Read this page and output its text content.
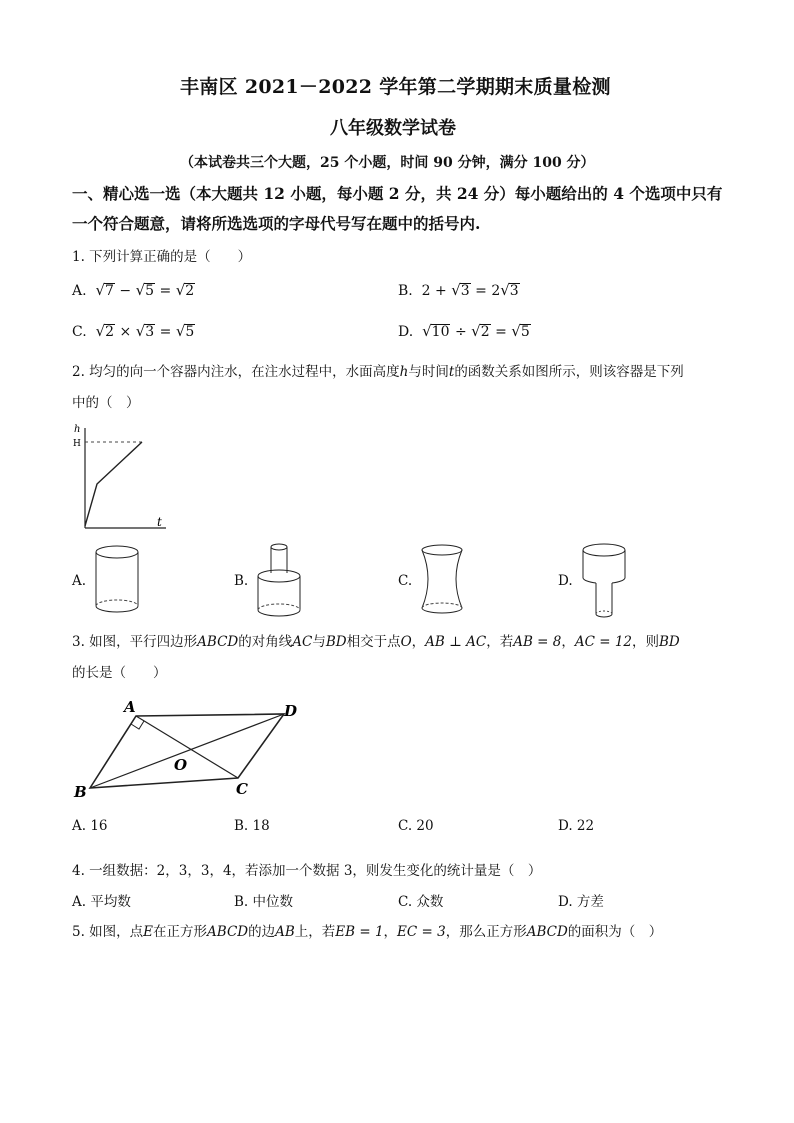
丰南区 2021－2022 学年第二学期期末质量检测
八年级数学试卷
（本试卷共三个大题，25 个小题，时间 90 分钟，满分 100 分）
一、精心选一选（本大题共 12 小题，每小题 2 分，共 24 分）每小题给出的 4 个选项中只有
一个符合题意，请将所选选项的字母代号写在题中的括号内.
1. 下列计算正确的是（　　）
A. √7 − √5 = √2	B. 2 + √3 = 2√3
C. √2 × √3 = √5	D. √10 ÷ √2 = √5
2. 均匀的向一个容器内注水，在注水过程中，水面高度h与时间t的函数关系如图所示，则该容器是下列
中的（　）
h
H
t
A.	B.	C.	D.
3. 如图，平行四边形ABCD的对角线AC与BD相交于点O，AB ⊥ AC，若AB = 8，AC = 12，则BD
的长是（　　）
A
B	C
D
O
A. 16	B. 18	C. 20	D. 22
4. 一组数据：2，3，3，4，若添加一个数据 3，则发生变化的统计量是（　）
A. 平均数	B. 中位数	C. 众数	D. 方差
5. 如图，点E在正方形ABCD的边AB上，若EB = 1，EC = 3，那么正方形ABCD的面积为（　）
